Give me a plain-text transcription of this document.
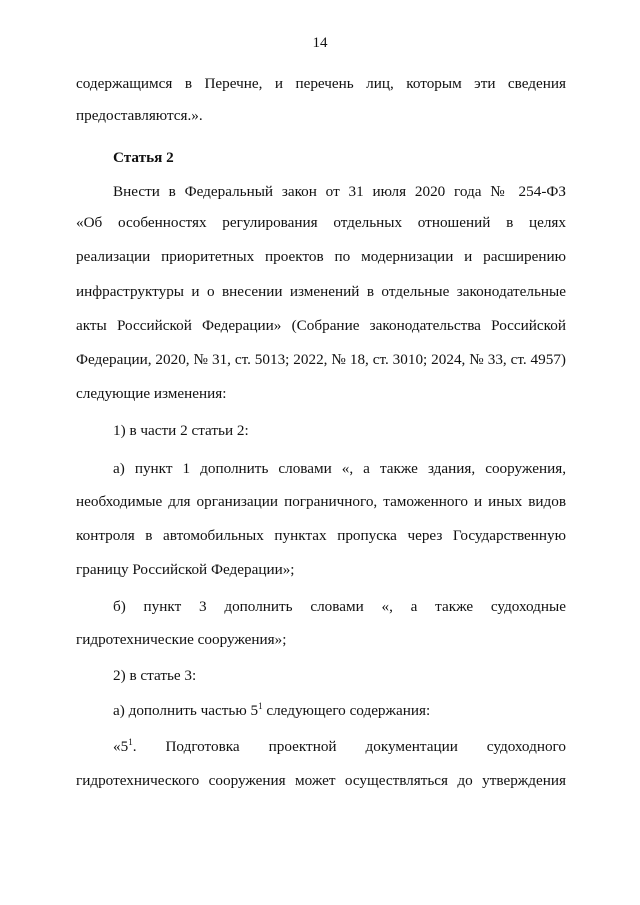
14
содержащимся в Перечне, и перечень лиц, которым эти сведения
предоставляются.».
Статья 2
Внести в Федеральный закон от 31 июля 2020 года № 254-ФЗ
«Об особенностях регулирования отдельных отношений в целях
реализации приоритетных проектов по модернизации и расширению
инфраструктуры и о внесении изменений в отдельные законодательные
акты Российской Федерации» (Собрание законодательства Российской
Федерации, 2020, № 31, ст. 5013; 2022, № 18, ст. 3010; 2024, № 33, ст. 4957)
следующие изменения:
1) в части 2 статьи 2:
а) пункт 1 дополнить словами «, а также здания, сооружения,
необходимые для организации пограничного, таможенного и иных видов
контроля в автомобильных пунктах пропуска через Государственную
границу Российской Федерации»;
б) пункт 3 дополнить словами «, а также судоходные
гидротехнические сооружения»;
2) в статье 3:
а) дополнить частью $5^1$ следующего содержания:
«$5^1$. Подготовка проектной документации судоходного
гидротехнического сооружения может осуществляться до утверждения
